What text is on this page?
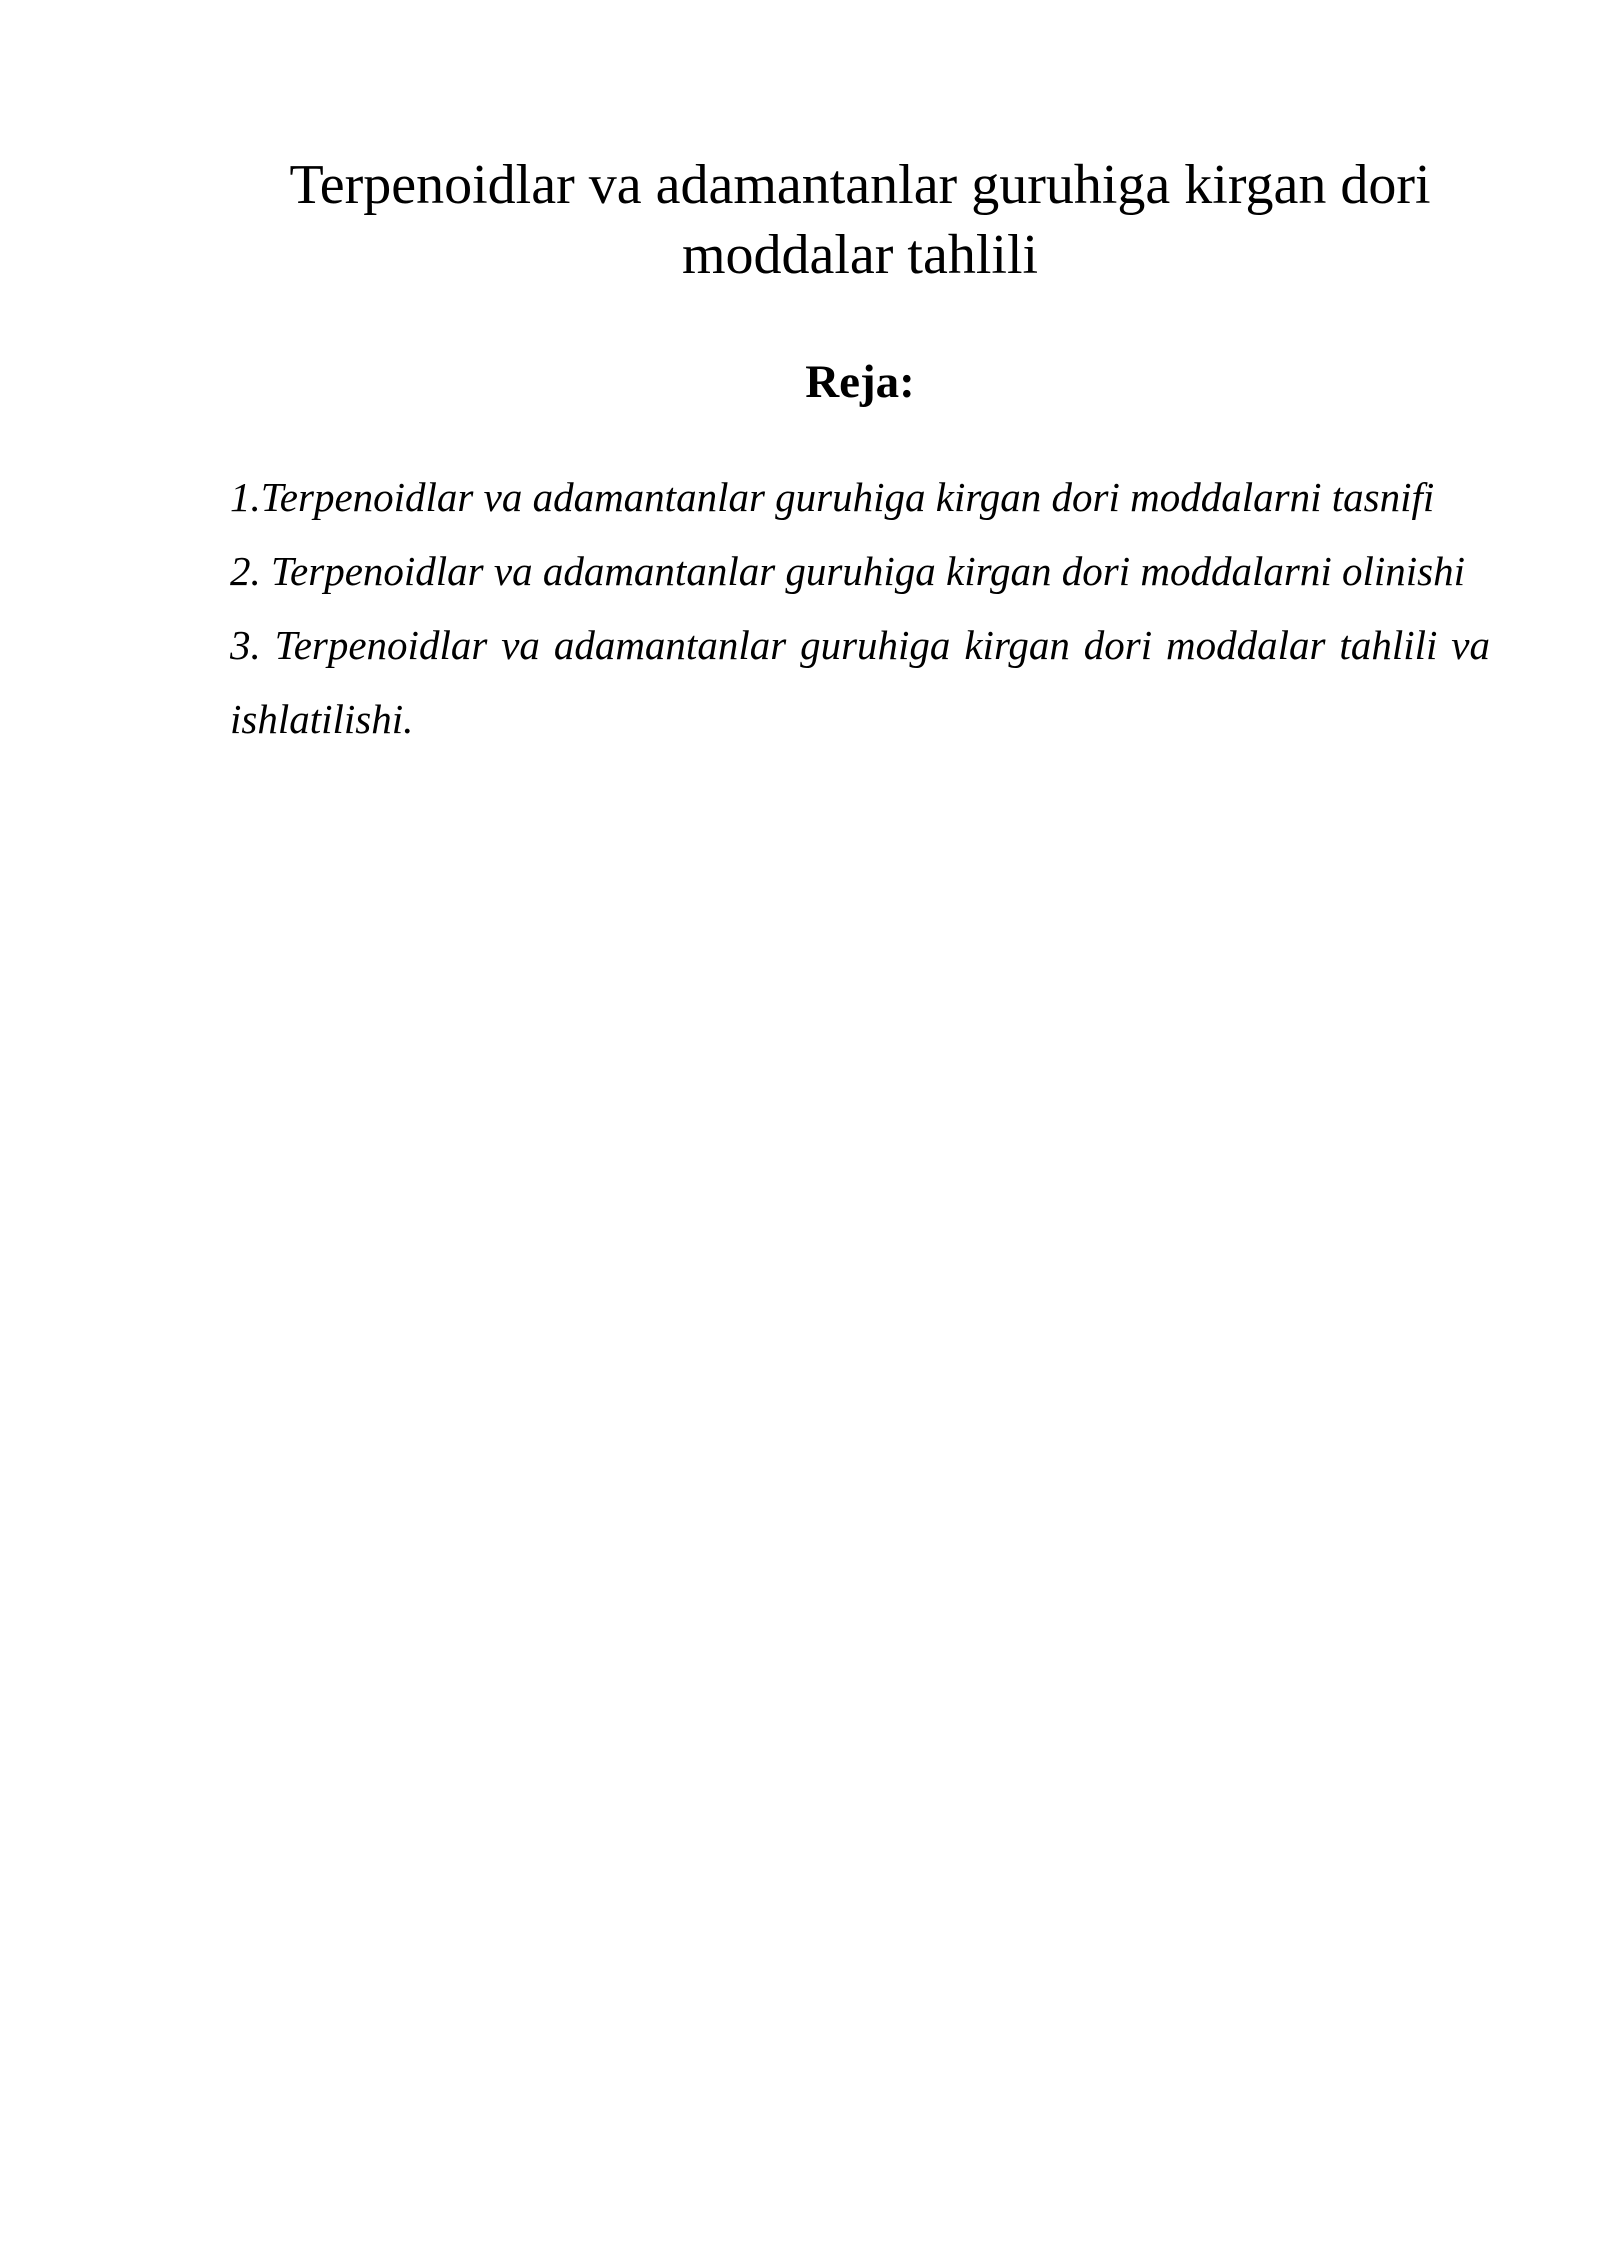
Terpenoidlar va adamantanlar guruhiga kirgan dori moddalar tahlili
Reja:
1.Terpenoidlar va adamantanlar guruhiga kirgan dori moddalarni tasnifi
2. Terpenoidlar va adamantanlar guruhiga kirgan dori moddalarni olinishi
3. Terpenoidlar va adamantanlar guruhiga kirgan dori moddalar tahlili va ishlatilishi.
